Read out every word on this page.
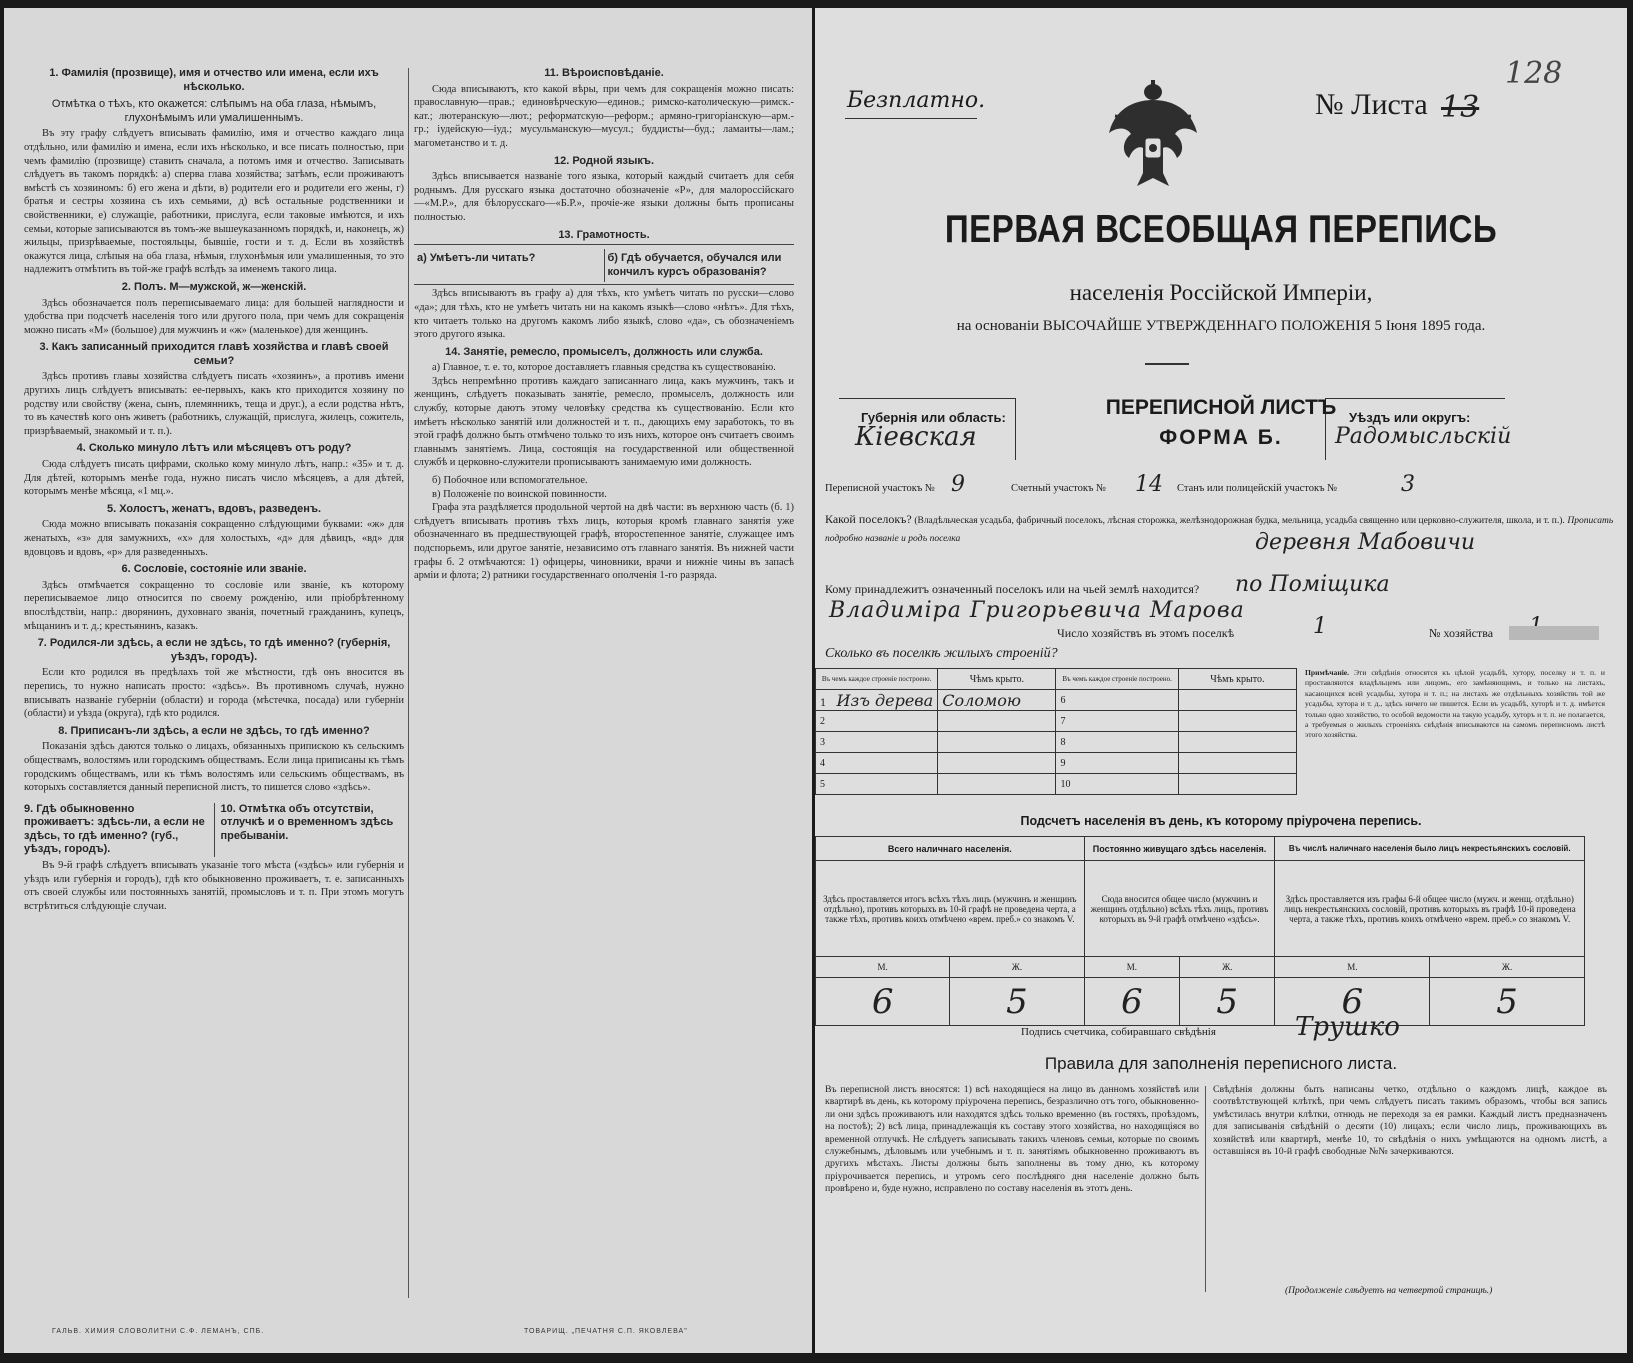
1. Фамилія (прозвище), имя и отчество или имена, если ихъ нѣсколько.
Отмѣтка о тѣхъ, кто окажется: слѣпымъ на оба глаза, нѣмымъ, глухонѣмымъ или умалишеннымъ.

Въ эту графу слѣдуетъ вписывать фамилію, имя и отчество каждаго лица отдѣльно, или фамилію и имена, если ихъ нѣсколько, и все писать полностью, при чемъ фамилію (прозвище) ставить сначала, а потомъ имя и отчество. Записывать слѣдуетъ въ такомъ порядкѣ: а) сперва глава хозяйства; затѣмъ, если проживаютъ вмѣстѣ съ хозяиномъ: б) его жена и дѣти, в) родители его и родители его жены, г) братья и сестры хозяина съ ихъ семьями, д) всѣ остальные родственники и свойственники, е) служащіе, работники, прислуга, если таковые имѣются, и ихъ семьи, которые записываются въ томъ-же вышеуказанномъ порядкѣ, и, наконецъ, ж) жильцы, призрѣваемые, постояльцы, бывшіе, гости и т. д. Если въ хозяйствѣ окажутся лица, слѣпыя на оба глаза, нѣмыя, глухонѣмыя или умалишенныя, то это надлежитъ отмѣтить въ той-же графѣ вслѣдъ за именемъ такого лица.

2. Полъ. М—мужской, ж—женскій.

Здѣсь обозначается полъ переписываемаго лица: для большей наглядности и удобства при подсчетѣ населенія того или другого пола, при чемъ для сокращенія можно писать «М» (большое) для мужчинъ и «ж» (маленькое) для женщинъ.

3. Какъ записанный приходится главѣ хозяйства и главѣ своей семьи?

Здѣсь противъ главы хозяйства слѣдуетъ писать «хозяинъ», а противъ имени другихъ лицъ слѣдуетъ вписывать: ее-первыхъ, какъ кто приходится хозяину по родству или свойству (жена, сынъ, племянникъ, теща и друг.), а если родства нѣтъ, то въ качествѣ кого онъ живетъ (работникъ, служащій, прислуга, жилецъ, сожитель, призрѣваемый, знакомый и т. п.).

4. Сколько минуло лѣтъ или мѣсяцевъ отъ роду?

Сюда слѣдуетъ писать цифрами, сколько кому минуло лѣтъ, напр.: «35» и т. д. Для дѣтей, которымъ менѣе года, нужно писать число мѣсяцевъ, а для дѣтей, которымъ менѣе мѣсяца, «1 мц.».

5. Холостъ, женатъ, вдовъ, разведенъ.

Сюда можно вписывать показанія сокращенно слѣдующими буквами: «ж» для женатыхъ, «з» для замужнихъ, «х» для холостыхъ, «д» для дѣвицъ, «вд» для вдовцовъ и вдовъ, «р» для разведенныхъ.

6. Сословіе, состояніе или званіе.

Здѣсь отмѣчается сокращенно то сословіе или званіе, къ которому переписываемое лицо относится по своему рожденію, или пріобрѣтенному впослѣдствіи, напр.: дворянинъ, духовнаго званія, почетный гражданинъ, купецъ, мѣщанинъ и т. д.; крестьянинъ, казакъ.

7. Родился-ли здѣсь, а если не здѣсь, то гдѣ именно? (губернія, уѣздъ, городъ).

Если кто родился въ предѣлахъ той же мѣстности, гдѣ онъ вносится въ перепись, то нужно написать просто: «здѣсь». Въ противномъ случаѣ, нужно вписывать названіе губерніи (области) и города (мѣстечка, посада) или губерніи (области) и уѣзда (округа), гдѣ кто родился.

8. Приписанъ-ли здѣсь, а если не здѣсь, то гдѣ именно?

Показанія здѣсь даются только о лицахъ, обязанныхъ припискою къ сельскимъ обществамъ, волостямъ или городскимъ обществамъ. Если лица приписаны къ тѣмъ городскимъ обществамъ, или къ тѣмъ волостямъ или сельскимъ обществамъ, въ которыхъ составляется данный переписной листъ, то пишется слово «здѣсь».

9. Гдѣ обыкновенно проживаетъ: здѣсь-ли, а если не здѣсь, то гдѣ именно? (губ., уѣздъ, городъ).
10. Отмѣтка объ отсутствіи, отлучкѣ и о временномъ здѣсь пребываніи.

Въ 9-й графѣ слѣдуетъ вписывать указаніе того мѣста («здѣсь» или губернія и уѣздъ или губернія и городъ), гдѣ кто обыкновенно проживаетъ, т. е. записанныхъ отъ своей службы или постоянныхъ занятій, промысловъ и т. п. При этомъ могутъ встрѣтиться слѣдующіе случаи.

11. Вѣроисповѣданіе.

Сюда вписываютъ, кто какой вѣры, при чемъ для сокращенія можно писать: православную—прав.; единовѣрческую—единов.; римско-католическую—римск.-кат.; лютеранскую—лют.; реформатскую—реформ.; армяно-григоріанскую—арм.-гр.; іудейскую—іуд.; мусульманскую—мусул.; буддисты—буд.; ламаиты—лам.; магометанство и т. д.

12. Родной языкъ.

Здѣсь вписывается названіе того языка, который каждый считаетъ для себя роднымъ. Для русскаго языка достаточно обозначеніе «Р», для малороссійскаго—«М.Р.», для бѣлорусскаго—«Б.Р.», прочіе-же языки должны быть прописаны полностью.

13. Грамотность.
а) Умѣетъ-ли читать?	б) Гдѣ обучается, обучался или кончилъ курсъ образованія?

Здѣсь вписываютъ въ графу а) для тѣхъ, кто умѣетъ читать по русски—слово «да»; для тѣхъ, кто не умѣетъ читать ни на какомъ языкѣ—слово «нѣтъ». Для тѣхъ, кто читаетъ только на другомъ какомъ либо языкѣ, слово «да», съ обозначеніемъ этого другого языка.

14. Занятіе, ремесло, промыселъ, должность или служба.

а) Главное, т. е. то, которое доставляетъ главныя средства къ существованію.

Здѣсь непремѣнно противъ каждаго записаннаго лица, какъ мужчинъ, такъ и женщинъ, слѣдуетъ показывать занятіе, ремесло, промыселъ, должность или службу, которые даютъ этому человѣку средства къ существованію. Если кто имѣетъ нѣсколько занятій или должностей и т. п., дающихъ ему заработокъ, то въ этой графѣ должно быть отмѣчено только то изъ нихъ, которое онъ считаетъ своимъ главнымъ занятіемъ. Лица, состоящія на государственной или общественной службѣ и церковно-служители прописываютъ занимаемую ими должность.

б) Побочное или вспомогательное.

в) Положеніе по воинской повинности.

Графа эта раздѣляется продольной чертой на двѣ части: въ верхнюю часть (б. 1) слѣдуетъ вписывать противъ тѣхъ лицъ, которыя кромѣ главнаго занятія уже обозначеннаго въ предшествующей графѣ, второстепенное занятіе, служащее имъ подспорьемъ, или другое занятіе, независимо отъ главнаго занятія. Въ нижней части графы б. 2 отмѣчаются: 1) офицеры, чиновники, врачи и нижніе чины въ запасѣ арміи и флота; 2) ратники государственнаго ополченія 1-го разряда.

ГАЛЬВ. ХИМИЯ СЛОВОЛИТНИ С.Ф. ЛЕМАНЪ, СПБ.	ТОВАРИЩ. „ПЕЧАТНЯ С.П. ЯКОВЛЕВА"
Безплатно.	№ Листа 13
128
ПЕРВАЯ ВСЕОБЩАЯ ПЕРЕПИСЬ
населенія Россійской Имперіи,
на основаніи ВЫСОЧАЙШЕ УТВЕРЖДЕННАГО ПОЛОЖЕНІЯ 5 Іюня 1895 года.
Губернія или область:
Кіевская
ПЕРЕПИСНОЙ ЛИСТЪ
ФОРМА Б.
Уѣздъ или округъ:
Радомысльскій
Переписной участокъ № 9	Счетный участокъ № 14 Станъ или полицейскій участокъ №	3
Какой поселокъ? (Владѣльческая усадьба, фабричный поселокъ, лѣсная сторожка, желѣзнодорожная будка, мельница, усадьба священно или церковно-служителя, школа, и т. п.). Прописать подробно названіе и родъ поселка	деревня Мабовичи
Кому принадлежитъ означенный поселокъ или на чьей землѣ находится? по Поміщика
Владиміра Григорьевича Марова
Число хозяйствъ въ этомъ поселкѣ	1	№ хозяйства
Сколько въ поселкѣ жилыхъ строеній?
Въ чемъ каждое строеніе построено.	Чѣмъ крыто.	Въ чемъ каждое строеніе построено.	Чѣмъ крыто.
1 Изъ дерева	Соломою	6	
2		7	
3		8	
4		9	
5		10	
Примѣчаніе. Эти свѣдѣнія относятся къ цѣлой усадьбѣ, хутору, поселку и т. п. и проставляются владѣльцемъ или лицомъ, его замѣняющимъ, и только на листахъ, касающихся всей усадьбы, хутора и т. п.; на листахъ же отдѣльныхъ хозяйствъ той же усадьбы, хутора и т. д., здѣсь ничего не пишется. Если въ усадьбѣ, хуторѣ и т. д. имѣется только одно хозяйство, то особой ведомости на такую усадьбу, хуторъ и т. п. не полагается, а требуемыя о жилыхъ строеніяхъ свѣдѣнія вписываются на самомъ переписномъ листѣ этого хозяйства.
Подсчетъ населенія въ день, къ которому пріурочена перепись.
Всего наличнаго населенія.		Постоянно живущаго здѣсь населенія.		Въ числѣ наличнаго населенія было лицъ некрестьянскихъ сословій.	
Здѣсь проставляется итогъ всѣхъ тѣхъ лицъ (мужчинъ и женщинъ отдѣльно), противъ которыхъ въ 10-й графѣ не проведена черта, а также тѣхъ, противъ коихъ отмѣчено «врем. преб.» со знакомъ V.		Сюда вносится общее число (мужчинъ и женщинъ отдѣльно) всѣхъ тѣхъ лицъ, противъ которыхъ въ 9-й графѣ отмѣчено «здѣсь».		Здѣсь проставляется изъ графы 6-й общее число (мужч. и женщ. отдѣльно) лицъ некрестьянскихъ сословій, противъ которыхъ въ графѣ 10-й проведена черта, а также тѣхъ, противъ коихъ отмѣчено «врем. преб.» со знакомъ V.	
М.	Ж.	М.	Ж.	М.	Ж.
6	5	6	5	6	5
Подпись счетчика, собиравшаго свѣдѣнія	Трушко
Правила для заполненія переписного листа.
Въ переписной листъ вносятся: 1) всѣ находящіеся на лицо въ данномъ хозяйствѣ или квартирѣ въ день, къ которому пріурочена перепись, безразлично отъ того, обыкновенно-ли они здѣсь проживаютъ или находятся здѣсь только временно (въ гостяхъ, проѣздомъ, на постоѣ); 2) всѣ лица, принадлежащія къ составу этого хозяйства, но находящіяся во временной отлучкѣ. Не слѣдуетъ записывать такихъ членовъ семьи, которые по своимъ служебнымъ, дѣловымъ или учебнымъ и т. п. занятіямъ обыкновенно проживаютъ въ другихъ мѣстахъ. Листы должны быть заполнены въ тому дню, къ которому пріурочивается перепись, и утромъ сего послѣдняго дня населеніе должно быть провѣрено и, буде нужно, исправлено по составу населенія въ этотъ день.
Свѣдѣнія должны быть написаны четко, отдѣльно о каждомъ лицѣ, каждое въ соотвѣтствующей клѣткѣ, при чемъ слѣдуетъ писать такимъ образомъ, чтобы вся запись умѣстилась внутри клѣтки, отнюдь не переходя за ея рамки. Каждый листъ предназначенъ для записыванія свѣдѣній о десяти (10) лицахъ; если число лицъ, проживающихъ въ хозяйствѣ или квартирѣ, менѣе 10, то свѣдѣнія о нихъ умѣщаются на одномъ листѣ, а оставшіяся въ 10-й графѣ свободные №№ зачеркиваются.
(Продолженіе слѣдуетъ на четвертой страницѣ.)
